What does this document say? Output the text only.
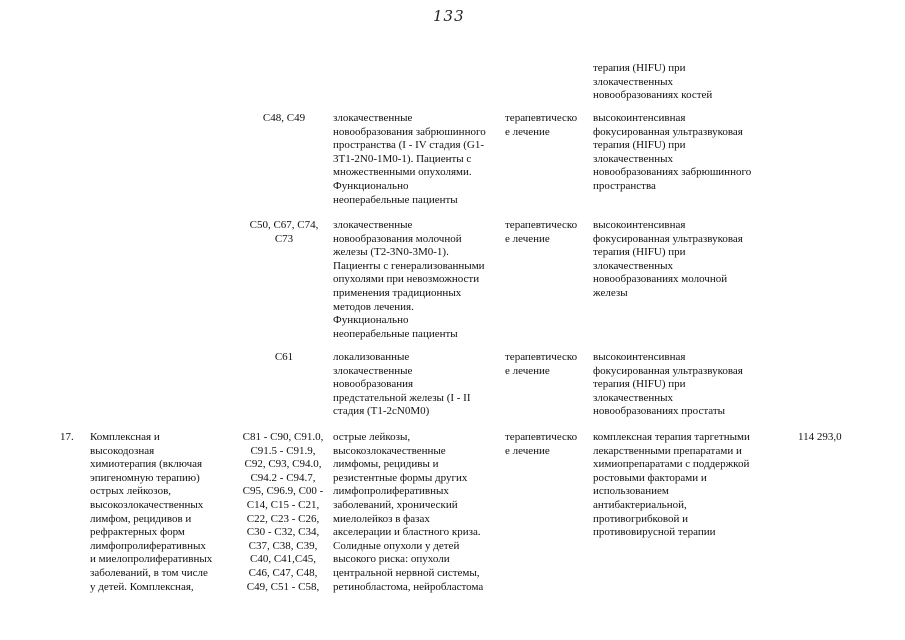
133
терапия (HIFU) при
злокачественных
новообразованиях костей
C48, C49	злокачественные
новообразования забрюшинного
пространства (I - IV стадия (G1-
3T1-2N0-1M0-1). Пациенты с
множественными опухолями.
Функционально
неоперабельные пациенты
терапевтическо
е лечение
высокоинтенсивная
фокусированная ультразвуковая
терапия (HIFU) при
злокачественных
новообразованиях забрюшинного
пространства
C50, C67, C74,
C73
злокачественные
новообразования молочной
железы (T2-3N0-3M0-1).
Пациенты с генерализованными
опухолями при невозможности
применения традиционных
методов лечения.
Функционально
неоперабельные пациенты
терапевтическо
е лечение
высокоинтенсивная
фокусированная ультразвуковая
терапия (HIFU) при
злокачественных
новообразованиях молочной
железы
C61	локализованные
злокачественные
новообразования
предстательной железы (I - II
стадия (T1-2cN0M0)
терапевтическо
е лечение
высокоинтенсивная
фокусированная ультразвуковая
терапия (HIFU) при
злокачественных
новообразованиях простаты
17. Комплексная и
высокодозная
химиотерапия (включая
эпигеномную терапию)
острых лейкозов,
высокозлокачественных
лимфом, рецидивов и
рефрактерных форм
лимфопролиферативных
и миелопролиферативных
заболеваний, в том числе
у детей. Комплексная,
C81 - C90, C91.0,
C91.5 - C91.9,
C92, C93, C94.0,
C94.2 - C94.7,
C95, C96.9, C00 -
C14, C15 - C21,
C22, C23 - C26,
C30 - C32, C34,
C37, C38, C39,
C40, C41,C45,
C46, C47, C48,
C49, C51 - C58,
острые лейкозы,
высокозлокачественные
лимфомы, рецидивы и
резистентные формы других
лимфопролиферативных
заболеваний, хронический
миелолейкоз в фазах
акселерации и бластного криза.
Солидные опухоли у детей
высокого риска: опухоли
центральной нервной системы,
ретинобластома, нейробластома
терапевтическо
е лечение
комплексная терапия таргетными
лекарственными препаратами и
химиопрепаратами с поддержкой
ростовыми факторами и
использованием
антибактериальной,
противогрибковой и
противовирусной терапии
114 293,0
